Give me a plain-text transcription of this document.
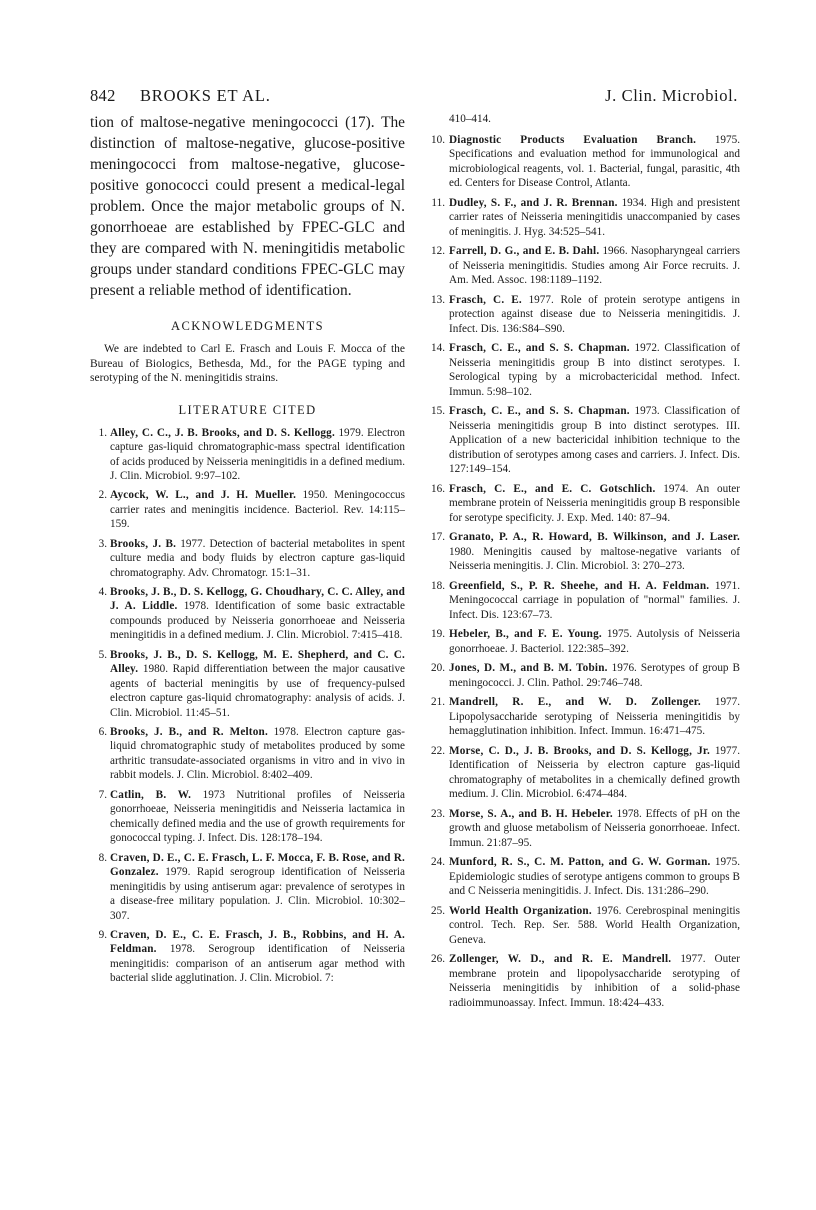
842 BROOKS ET AL.	J. Clin. Microbiol.

tion of maltose-negative meningococci (17). The distinction of maltose-negative, glucose-positive meningococci from maltose-negative, glucose-positive gonococci could present a medical-legal problem. Once the major metabolic groups of N. gonorrhoeae are established by FPEC-GLC and they are compared with N. meningitidis metabolic groups under standard conditions FPEC-GLC may present a reliable method of identification.

ACKNOWLEDGMENTS

We are indebted to Carl E. Frasch and Louis F. Mocca of the Bureau of Biologics, Bethesda, Md., for the PAGE typing and serotyping of the N. meningitidis strains.

LITERATURE CITED
1. Alley, C. C., J. B. Brooks, and D. S. Kellogg. 1979. Electron capture gas-liquid chromatographic-mass spectral identification of acids produced by Neisseria meningitidis in a defined medium. J. Clin. Microbiol. 9:97–102.
2. Aycock, W. L., and J. H. Mueller. 1950. Meningococcus carrier rates and meningitis incidence. Bacteriol. Rev. 14:115–159.
3. Brooks, J. B. 1977. Detection of bacterial metabolites in spent culture media and body fluids by electron capture gas-liquid chromatography. Adv. Chromatogr. 15:1–31.
4. Brooks, J. B., D. S. Kellogg, G. Choudhary, C. C. Alley, and J. A. Liddle. 1978. Identification of some basic extractable compounds produced by Neisseria gonorrhoeae and Neisseria meningitidis in a defined medium. J. Clin. Microbiol. 7:415–418.
5. Brooks, J. B., D. S. Kellogg, M. E. Shepherd, and C. C. Alley. 1980. Rapid differentiation between the major causative agents of bacterial meningitis by use of frequency-pulsed electron capture gas-liquid chromatography: analysis of acids. J. Clin. Microbiol. 11:45–51.
6. Brooks, J. B., and R. Melton. 1978. Electron capture gas-liquid chromatographic study of metabolites produced by some arthritic transudate-associated organisms in vitro and in vivo in rabbit models. J. Clin. Microbiol. 8:402–409.
7. Catlin, B. W. 1973 Nutritional profiles of Neisseria gonorrhoeae, Neisseria meningitidis and Neisseria lactamica in chemically defined media and the use of growth requirements for gonococcal typing. J. Infect. Dis. 128:178–194.
8. Craven, D. E., C. E. Frasch, L. F. Mocca, F. B. Rose, and R. Gonzalez. 1979. Rapid serogroup identification of Neisseria meningitidis by using antiserum agar: prevalence of serotypes in a disease-free military population. J. Clin. Microbiol. 10:302–307.
9. Craven, D. E., C. E. Frasch, J. B., Robbins, and H. A. Feldman. 1978. Serogroup identification of Neisseria meningitidis: comparison of an antiserum agar method with bacterial slide agglutination. J. Clin. Microbiol. 7:
410–414.
10. Diagnostic Products Evaluation Branch. 1975. Specifications and evaluation method for immunological and microbiological reagents, vol. 1. Bacterial, fungal, parasitic, 4th ed. Centers for Disease Control, Atlanta.
11. Dudley, S. F., and J. R. Brennan. 1934. High and presistent carrier rates of Neisseria meningitidis unaccompanied by cases of meningitis. J. Hyg. 34:525–541.
12. Farrell, D. G., and E. B. Dahl. 1966. Nasopharyngeal carriers of Neisseria meningitidis. Studies among Air Force recruits. J. Am. Med. Assoc. 198:1189–1192.
13. Frasch, C. E. 1977. Role of protein serotype antigens in protection against disease due to Neisseria meningitidis. J. Infect. Dis. 136:S84–S90.
14. Frasch, C. E., and S. S. Chapman. 1972. Classification of Neisseria meningitidis group B into distinct serotypes. I. Serological typing by a microbactericidal method. Infect. Immun. 5:98–102.
15. Frasch, C. E., and S. S. Chapman. 1973. Classification of Neisseria meningitidis group B into distinct serotypes. III. Application of a new bactericidal inhibition technique to the distribution of serotypes among cases and carriers. J. Infect. Dis. 127:149–154.
16. Frasch, C. E., and E. C. Gotschlich. 1974. An outer membrane protein of Neisseria meningitidis group B responsible for serotype specificity. J. Exp. Med. 140: 87–94.
17. Granato, P. A., R. Howard, B. Wilkinson, and J. Laser. 1980. Meningitis caused by maltose-negative variants of Neisseria meningitis. J. Clin. Microbiol. 3: 270–273.
18. Greenfield, S., P. R. Sheehe, and H. A. Feldman. 1971. Meningococcal carriage in population of "normal" families. J. Infect. Dis. 123:67–73.
19. Hebeler, B., and F. E. Young. 1975. Autolysis of Neisseria gonorrhoeae. J. Bacteriol. 122:385–392.
20. Jones, D. M., and B. M. Tobin. 1976. Serotypes of group B meningococci. J. Clin. Pathol. 29:746–748.
21. Mandrell, R. E., and W. D. Zollenger. 1977. Lipopolysaccharide serotyping of Neisseria meningitidis by hemagglutination inhibition. Infect. Immun. 16:471–475.
22. Morse, C. D., J. B. Brooks, and D. S. Kellogg, Jr. 1977. Identification of Neisseria by electron capture gas-liquid chromatography of metabolites in a chemically defined growth medium. J. Clin. Microbiol. 6:474–484.
23. Morse, S. A., and B. H. Hebeler. 1978. Effects of pH on the growth and gluose metabolism of Neisseria gonorrhoeae. Infect. Immun. 21:87–95.
24. Munford, R. S., C. M. Patton, and G. W. Gorman. 1975. Epidemiologic studies of serotype antigens common to groups B and C Neisseria meningitidis. J. Infect. Dis. 131:286–290.
25. World Health Organization. 1976. Cerebrospinal meningitis control. Tech. Rep. Ser. 588. World Health Organization, Geneva.
26. Zollenger, W. D., and R. E. Mandrell. 1977. Outer membrane protein and lipopolysaccharide serotyping of Neisseria meningitidis by inhibition of a solid-phase radioimmunoassay. Infect. Immun. 18:424–433.
